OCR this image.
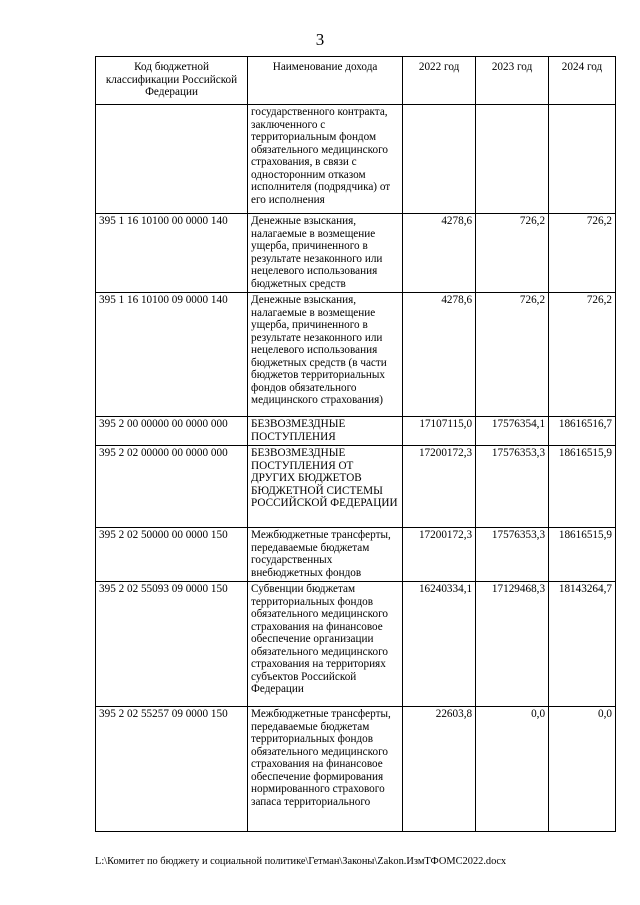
3
Код бюджетной классификации Российской Федерации	Наименование дохода	2022 год	2023 год	2024 год
	государственного контракта, заключенного с территориальным фондом обязательного медицинского страхования, в связи с односторонним отказом исполнителя (подрядчика) от его исполнения			
395 1 16 10100 00 0000 140	Денежные взыскания, налагаемые в возмещение ущерба, причиненного в результате незаконного или нецелевого использования бюджетных средств	4278,6	726,2	726,2
395 1 16 10100 09 0000 140	Денежные взыскания, налагаемые в возмещение ущерба, причиненного в результате незаконного или нецелевого использования бюджетных средств (в части бюджетов территориальных фондов обязательного медицинского страхования)	4278,6	726,2	726,2
395 2 00 00000 00 0000 000	БЕЗВОЗМЕЗДНЫЕ ПОСТУПЛЕНИЯ	17107115,0	17576354,1	18616516,7
395 2 02 00000 00 0000 000	БЕЗВОЗМЕЗДНЫЕ ПОСТУПЛЕНИЯ ОТ ДРУГИХ БЮДЖЕТОВ БЮДЖЕТНОЙ СИСТЕМЫ РОССИЙСКОЙ ФЕДЕРАЦИИ	17200172,3	17576353,3	18616515,9
395 2 02 50000 00 0000 150	Межбюджетные трансферты, передаваемые бюджетам государственных внебюджетных фондов	17200172,3	17576353,3	18616515,9
395 2 02 55093 09 0000 150	Субвенции бюджетам территориальных фондов обязательного медицинского страхования на финансовое обеспечение организации обязательного медицинского страхования на территориях субъектов Российской Федерации	16240334,1	17129468,3	18143264,7
395 2 02 55257 09 0000 150	Межбюджетные трансферты, передаваемые бюджетам территориальных фондов обязательного медицинского страхования на финансовое обеспечение формирования нормированного страхового запаса территориального	22603,8	0,0	0,0
L:\Комитет по бюджету и социальной политике\Гетман\Законы\Zakon.ИзмТФОМС2022.docx
